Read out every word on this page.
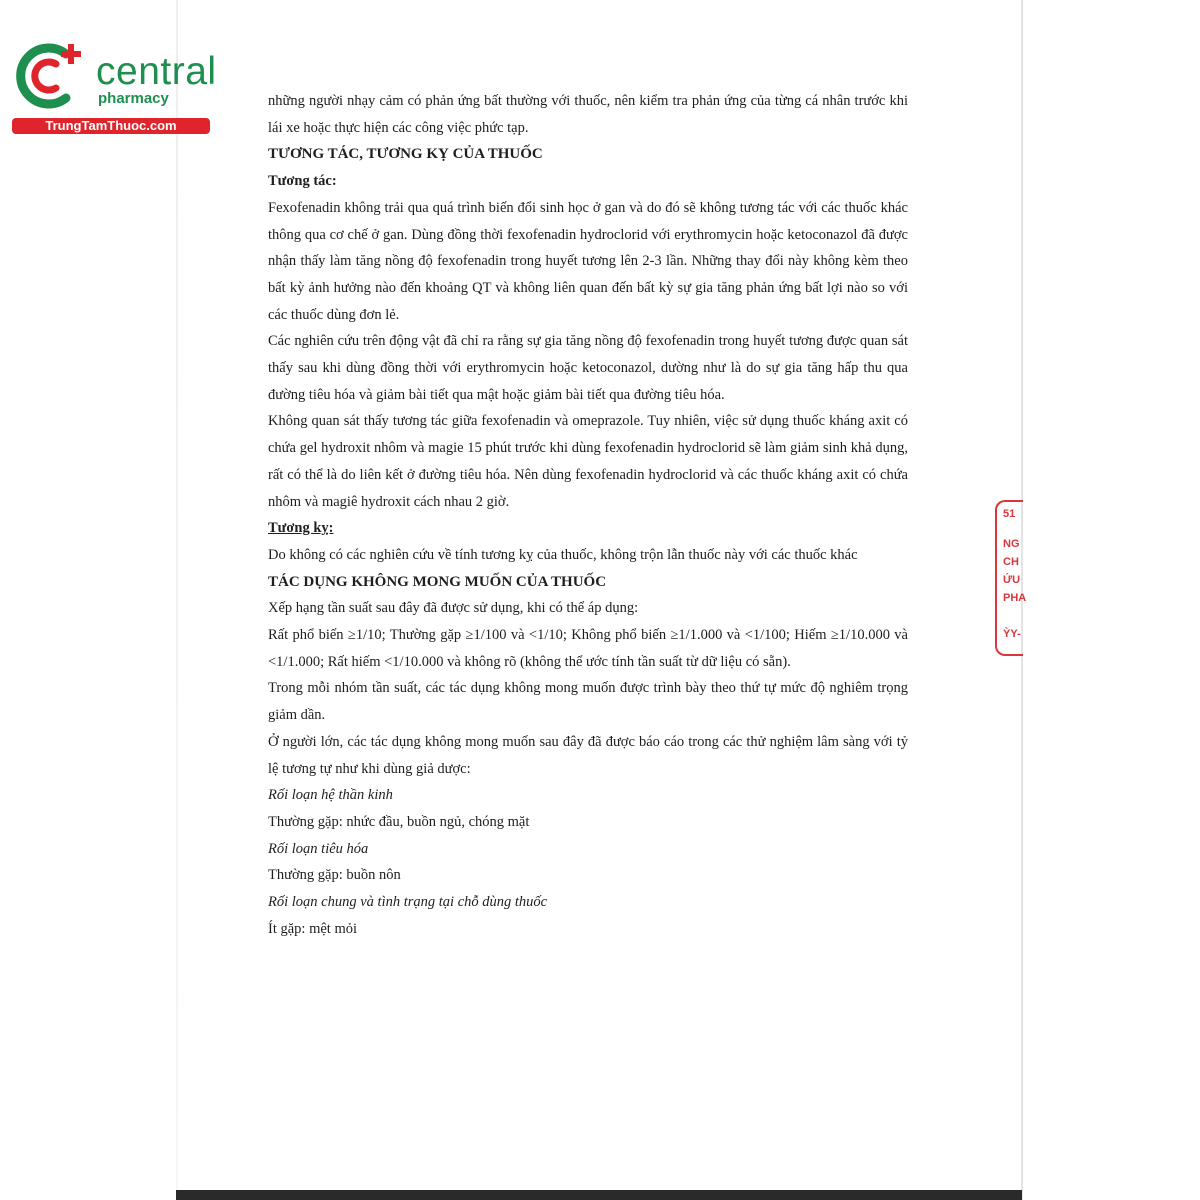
central
pharmacy
TrungTamThuoc.com

những người nhạy cảm có phản ứng bất thường với thuốc, nên kiểm tra phản ứng của từng cá nhân trước khi lái xe hoặc thực hiện các công việc phức tạp.

TƯƠNG TÁC, TƯƠNG KỴ CỦA THUỐC
Tương tác:

Fexofenadin không trải qua quá trình biến đổi sinh học ở gan và do đó sẽ không tương tác với các thuốc khác thông qua cơ chế ở gan. Dùng đồng thời fexofenadin hydroclorid với erythromycin hoặc ketoconazol đã được nhận thấy làm tăng nồng độ fexofenadin trong huyết tương lên 2-3 lần. Những thay đổi này không kèm theo bất kỳ ảnh hưởng nào đến khoảng QT và không liên quan đến bất kỳ sự gia tăng phản ứng bất lợi nào so với các thuốc dùng đơn lẻ.

Các nghiên cứu trên động vật đã chỉ ra rằng sự gia tăng nồng độ fexofenadin trong huyết tương được quan sát thấy sau khi dùng đồng thời với erythromycin hoặc ketoconazol, dường như là do sự gia tăng hấp thu qua đường tiêu hóa và giảm bài tiết qua mật hoặc giảm bài tiết qua đường tiêu hóa.

Không quan sát thấy tương tác giữa fexofenadin và omeprazole. Tuy nhiên, việc sử dụng thuốc kháng axit có chứa gel hydroxit nhôm và magie 15 phút trước khi dùng fexofenadin hydroclorid sẽ làm giảm sinh khả dụng, rất có thể là do liên kết ở đường tiêu hóa. Nên dùng fexofenadin hydroclorid và các thuốc kháng axit có chứa nhôm và magiê hydroxit cách nhau 2 giờ.

Tương kỵ:

Do không có các nghiên cứu về tính tương kỵ của thuốc, không trộn lẫn thuốc này với các thuốc khác

TÁC DỤNG KHÔNG MONG MUỐN CỦA THUỐC

Xếp hạng tần suất sau đây đã được sử dụng, khi có thể áp dụng:

Rất phổ biến ≥1/10; Thường gặp ≥1/100 và <1/10; Không phổ biến ≥1/1.000 và <1/100; Hiếm ≥1/10.000 và <1/1.000; Rất hiếm <1/10.000 và không rõ (không thể ước tính tần suất từ dữ liệu có sẵn).

Trong mỗi nhóm tần suất, các tác dụng không mong muốn được trình bày theo thứ tự mức độ nghiêm trọng giảm dần.

Ở người lớn, các tác dụng không mong muốn sau đây đã được báo cáo trong các thử nghiệm lâm sàng với tỷ lệ tương tự như khi dùng giả dược:

Rối loạn hệ thần kinh

Thường gặp: nhức đầu, buồn ngủ, chóng mặt

Rối loạn tiêu hóa

Thường gặp: buồn nôn

Rối loạn chung và tình trạng tại chỗ dùng thuốc

Ít gặp: mệt mỏi

51
NG
CH
ỨU
PHA
ỲY-
